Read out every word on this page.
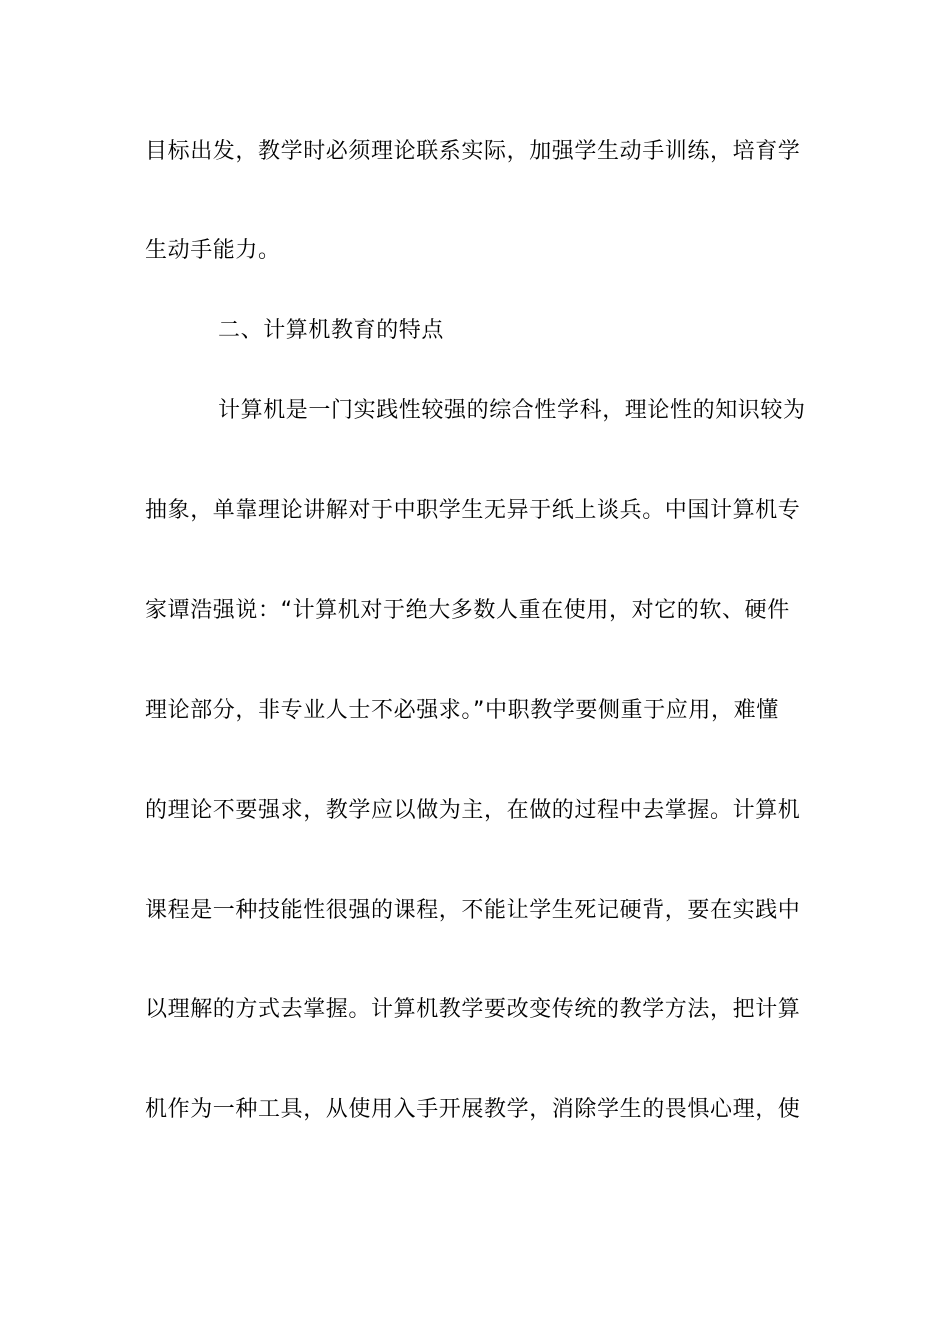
目标出发，教学时必须理论联系实际，加强学生动手训练，培育学
生动手能力。
二、计算机教育的特点
计算机是一门实践性较强的综合性学科，理论性的知识较为
抽象，单靠理论讲解对于中职学生无异于纸上谈兵。中国计算机专
家谭浩强说：“计算机对于绝大多数人重在使用，对它的软、硬件
理论部分，非专业人士不必强求。”中职教学要侧重于应用，难懂
的理论不要强求，教学应以做为主，在做的过程中去掌握。计算机
课程是一种技能性很强的课程，不能让学生死记硬背，要在实践中
以理解的方式去掌握。计算机教学要改变传统的教学方法，把计算
机作为一种工具，从使用入手开展教学，消除学生的畏惧心理，使
